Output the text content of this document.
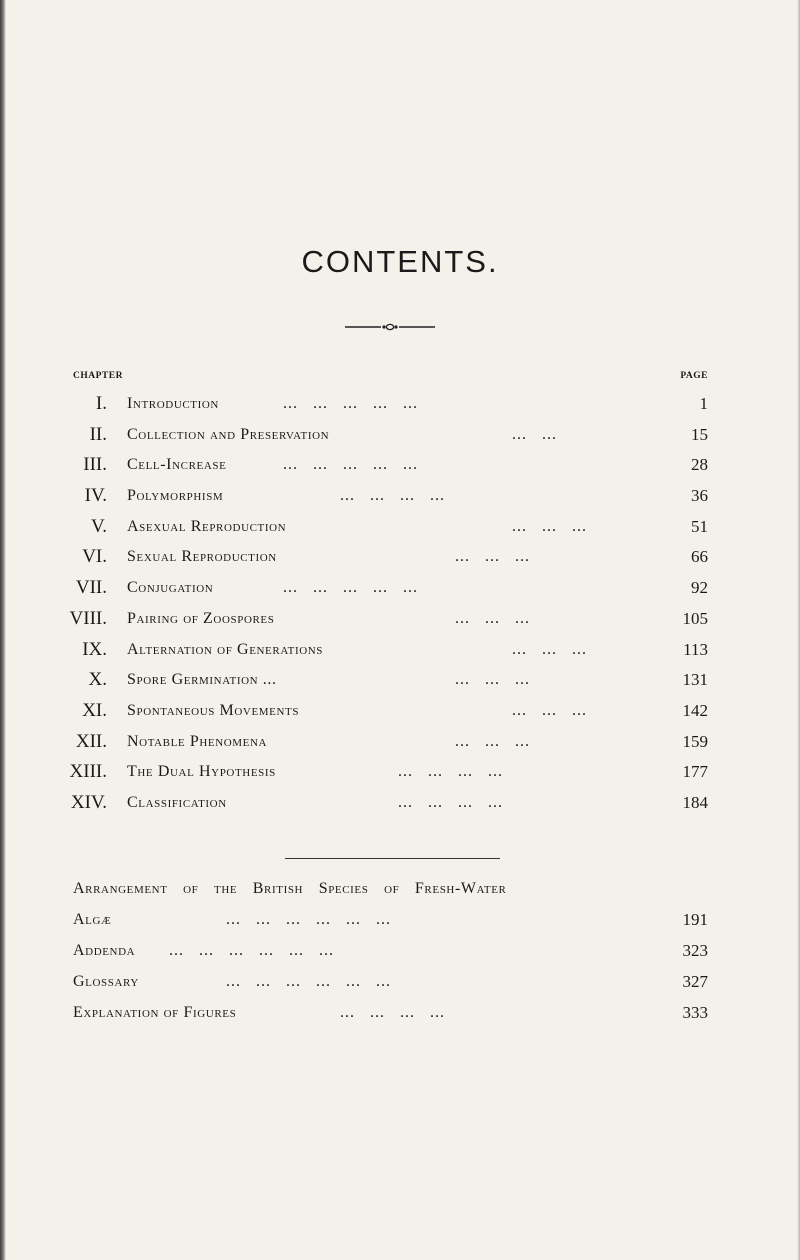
CONTENTS.
CHAPTER	PAGE
I. Introduction	...   ...   ...   ...   ...	1
II. Collection and Preservation	...   ...	15
III. Cell-Increase	...   ...   ...   ...   ...	28
IV. Polymorphism	...   ...   ...   ...	36
V. Asexual Reproduction	...   ...   ...	51
VI. Sexual Reproduction	...   ...   ...	66
VII. Conjugation	...   ...   ...   ...   ...	92
VIII. Pairing of Zoospores	...   ...   ...	105
IX. Alternation of Generations	...   ...   ...	113
X. Spore Germination ...	...   ...   ...	131
XI. Spontaneous Movements	...   ...   ...	142
XII. Notable Phenomena	...   ...   ...	159
XIII. The Dual Hypothesis	...   ...   ...   ...	177
XIV. Classification	...   ...   ...   ...	184
Arrangement of the British Species of Fresh-Water
Algæ	...   ...   ...   ...   ...   ...	191
Addenda ...   ...   ...   ...   ...   ...	323
Glossary	...   ...   ...   ...   ...   ...	327
Explanation of Figures	...   ...   ...   ...	333
